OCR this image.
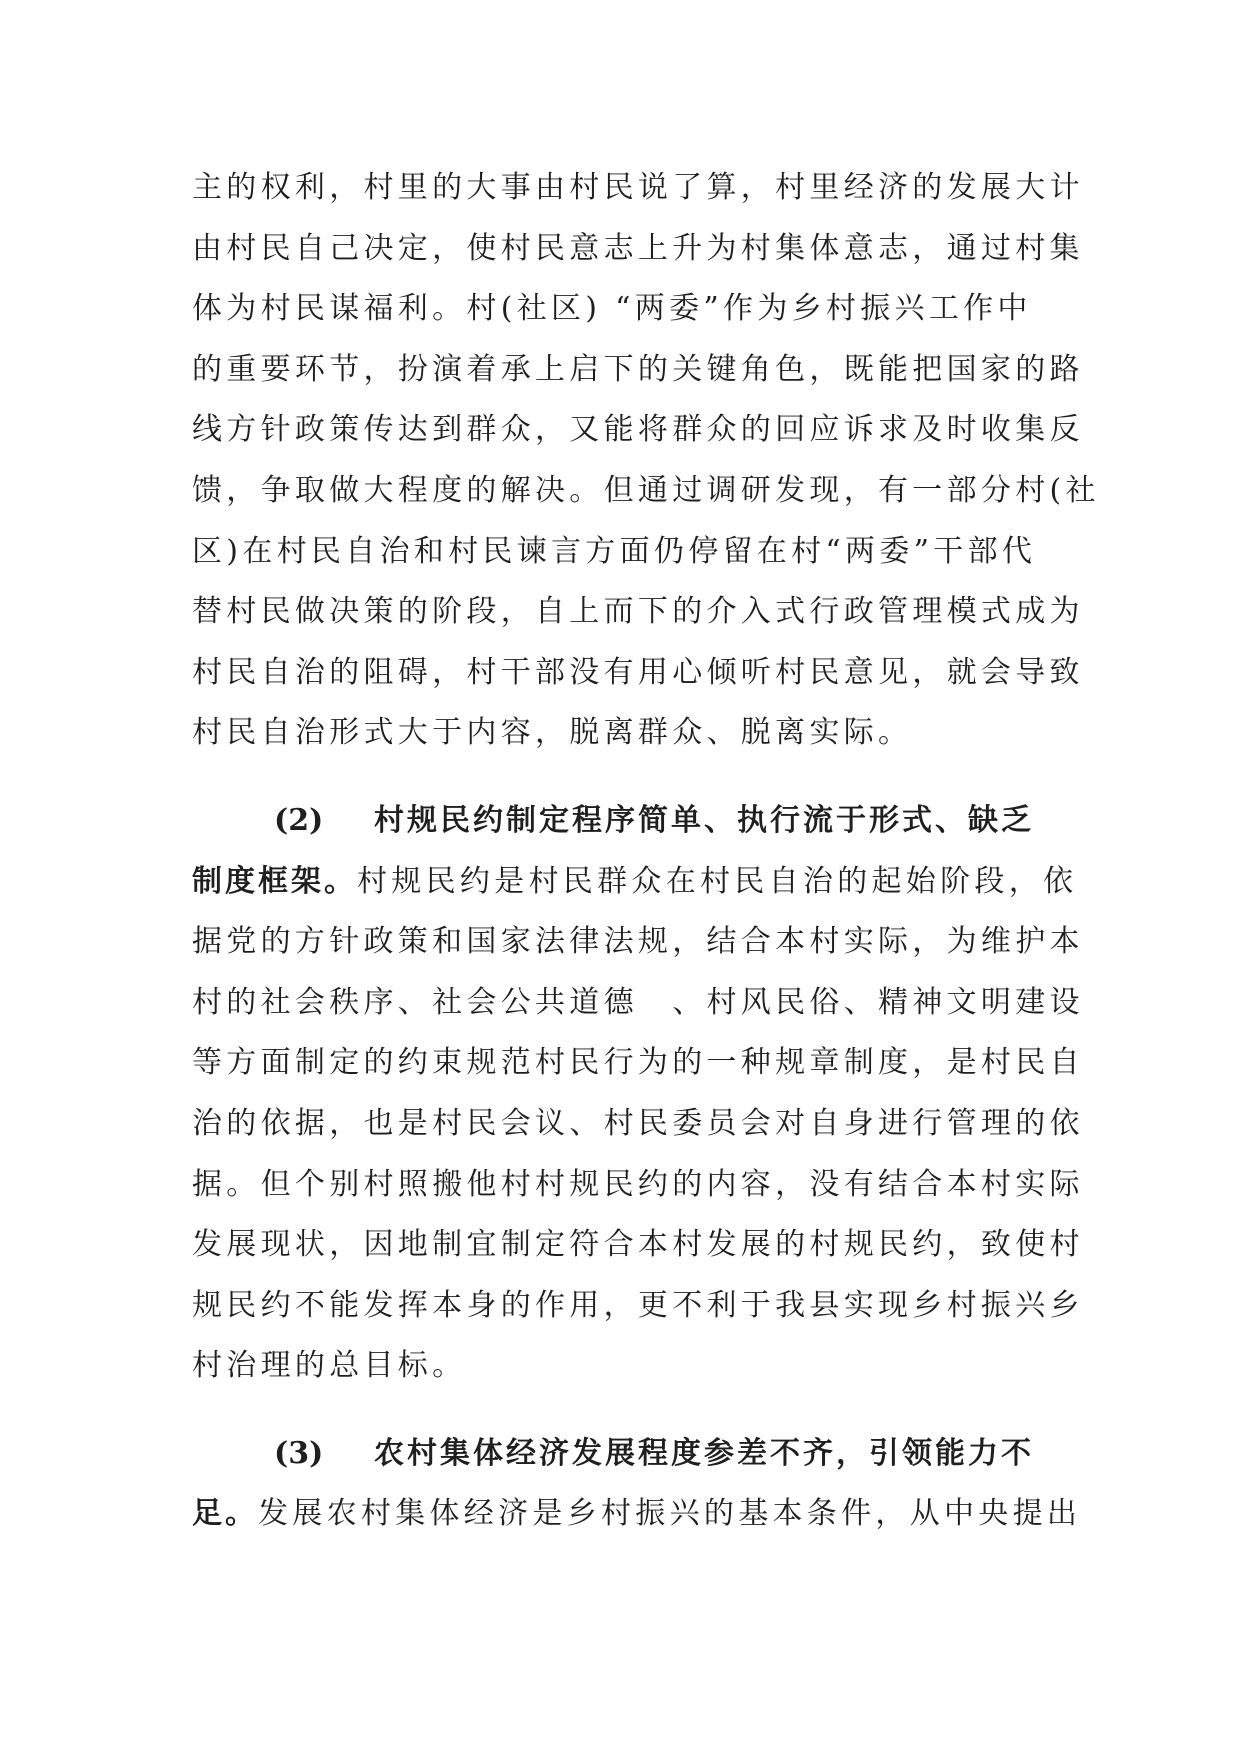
主的权利，村里的大事由村民说了算，村里经济的发展大计
由村民自己决定，使村民意志上升为村集体意志，通过村集
体为村民谋福利。村(社区) “两委”作为乡村振兴工作中
的重要环节，扮演着承上启下的关键角色，既能把国家的路
线方针政策传达到群众，又能将群众的回应诉求及时收集反
馈，争取做大程度的解决。但通过调研发现，有一部分村(社
区)在村民自治和村民谏言方面仍停留在村“两委”干部代
替村民做决策的阶段，自上而下的介入式行政管理模式成为
村民自治的阻碍，村干部没有用心倾听村民意见，就会导致
村民自治形式大于内容，脱离群众、脱离实际。
(2) 村规民约制定程序简单、执行流于形式、缺乏
制度框架。村规民约是村民群众在村民自治的起始阶段，依
据党的方针政策和国家法律法规，结合本村实际，为维护本
村的社会秩序、社会公共道德　、村风民俗、精神文明建设
等方面制定的约束规范村民行为的一种规章制度，是村民自
治的依据，也是村民会议、村民委员会对自身进行管理的依
据。但个别村照搬他村村规民约的内容，没有结合本村实际
发展现状，因地制宜制定符合本村发展的村规民约，致使村
规民约不能发挥本身的作用，更不利于我县实现乡村振兴乡
村治理的总目标。
(3) 农村集体经济发展程度参差不齐，引领能力不
足。发展农村集体经济是乡村振兴的基本条件，从中央提出
